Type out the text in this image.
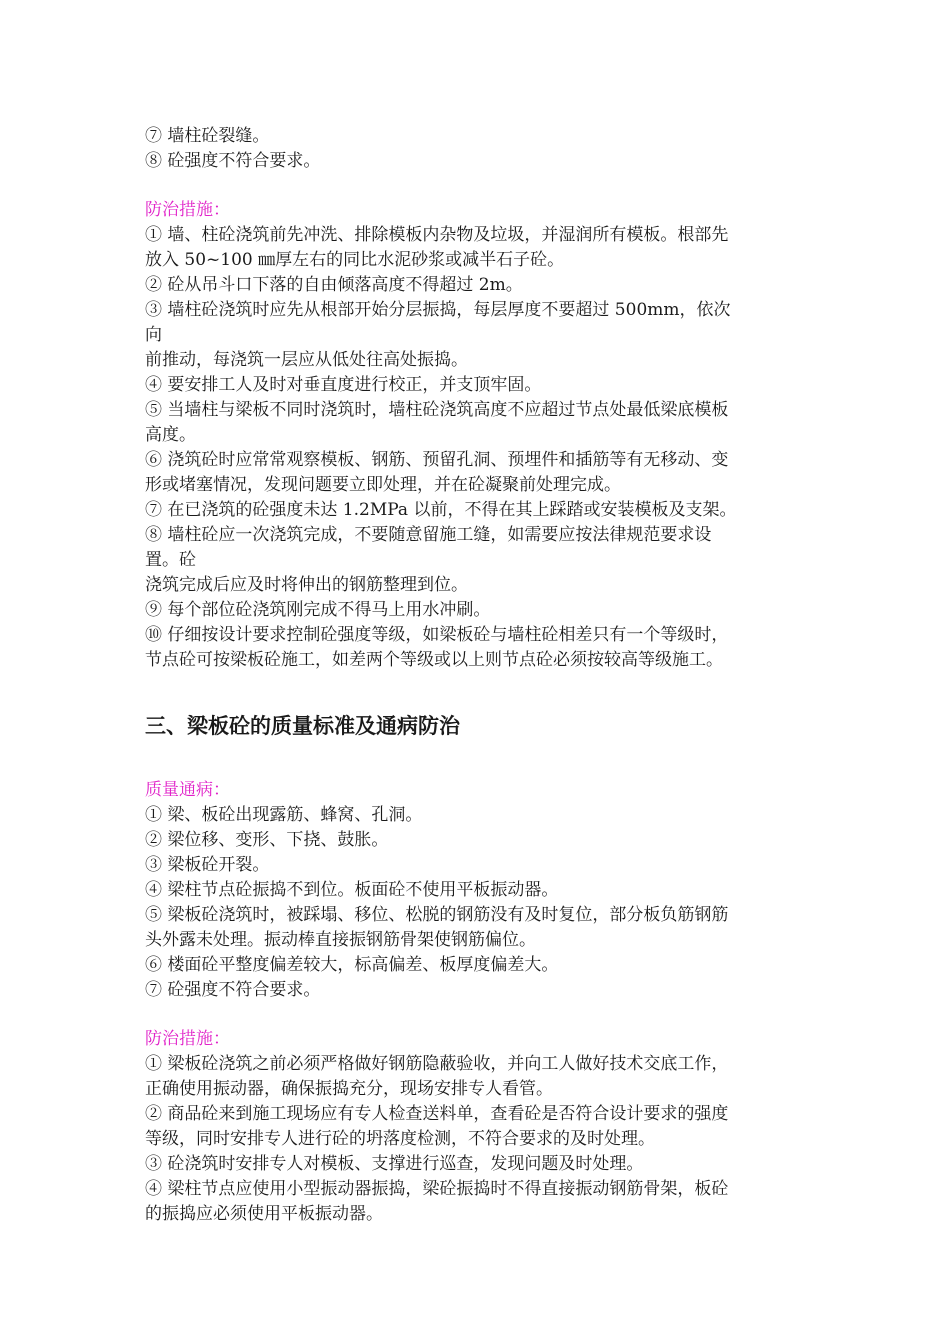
⑦ 墙柱砼裂缝。

⑧ 砼强度不符合要求。

防治措施：

① 墙、柱砼浇筑前先冲洗、排除模板内杂物及垃圾，并湿润所有模板。根部先

放入 50~100 ㎜厚左右的同比水泥砂浆或减半石子砼。

② 砼从吊斗口下落的自由倾落高度不得超过 2m。

③ 墙柱砼浇筑时应先从根部开始分层振捣，每层厚度不要超过 500mm，依次

向

前推动，每浇筑一层应从低处往高处振捣。

④ 要安排工人及时对垂直度进行校正，并支顶牢固。

⑤ 当墙柱与梁板不同时浇筑时，墙柱砼浇筑高度不应超过节点处最低梁底模板

高度。

⑥ 浇筑砼时应常常观察模板、钢筋、预留孔洞、预埋件和插筋等有无移动、变

形或堵塞情况，发现问题要立即处理，并在砼凝聚前处理完成。

⑦ 在已浇筑的砼强度未达 1.2MPa 以前，不得在其上踩踏或安装模板及支架。

⑧ 墙柱砼应一次浇筑完成，不要随意留施工缝，如需要应按法律规范要求设

置。砼

浇筑完成后应及时将伸出的钢筋整理到位。

⑨ 每个部位砼浇筑刚完成不得马上用水冲刷。

⑩ 仔细按设计要求控制砼强度等级，如梁板砼与墙柱砼相差只有一个等级时，

节点砼可按梁板砼施工，如差两个等级或以上则节点砼必须按较高等级施工。

三、梁板砼的质量标准及通病防治

质量通病：

① 梁、板砼出现露筋、蜂窝、孔洞。

② 梁位移、变形、下挠、鼓胀。

③ 梁板砼开裂。

④ 梁柱节点砼振捣不到位。板面砼不使用平板振动器。

⑤ 梁板砼浇筑时，被踩塌、移位、松脱的钢筋没有及时复位，部分板负筋钢筋

头外露未处理。振动棒直接振钢筋骨架使钢筋偏位。

⑥ 楼面砼平整度偏差较大，标高偏差、板厚度偏差大。

⑦ 砼强度不符合要求。

防治措施：

① 梁板砼浇筑之前必须严格做好钢筋隐蔽验收，并向工人做好技术交底工作，

正确使用振动器，确保振捣充分，现场安排专人看管。

② 商品砼来到施工现场应有专人检查送料单，查看砼是否符合设计要求的强度

等级，同时安排专人进行砼的坍落度检测，不符合要求的及时处理。

③ 砼浇筑时安排专人对模板、支撑进行巡查，发现问题及时处理。

④ 梁柱节点应使用小型振动器振捣，梁砼振捣时不得直接振动钢筋骨架，板砼

的振捣应必须使用平板振动器。
